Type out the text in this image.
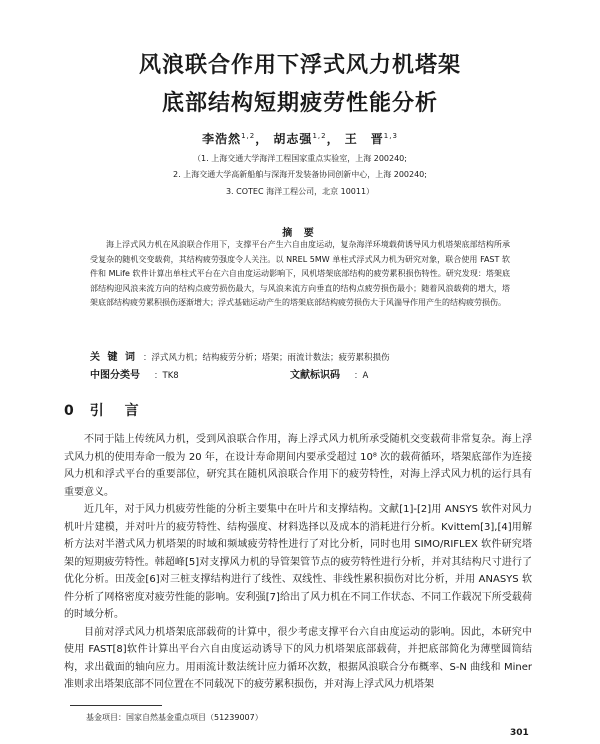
风浪联合作用下浮式风力机塔架
底部结构短期疲劳性能分析
李浩然$^{1,2}$， 胡志强$^{1,2}$， 王　晋$^{1,3}$
（1. 上海交通大学海洋工程国家重点实验室，上海 200240;
2. 上海交通大学高新船舶与深海开发装备协同创新中心，上海 200240;
3. COTEC 海洋工程公司，北京 10011）
摘 要
海上浮式风力机在风浪联合作用下，支撑平台产生六自由度运动，复杂海洋环境载荷诱导风力机塔架底部结构所承受复杂的随机交变载荷，其结构疲劳强度令人关注。以 NREL 5MW 单柱式浮式风力机为研究对象，联合使用 FAST 软件和 MLife 软件计算出单柱式平台在六自由度运动影响下，风机塔架底部结构的疲劳累积损伤特性。研究发现：塔架底部结构迎风浪来流方向的结构点疲劳损伤最大，与风浪来流方向垂直的结构点疲劳损伤最小；随着风浪载荷的增大，塔架底部结构疲劳累积损伤逐渐增大；浮式基础运动产生的塔架底部结构疲劳损伤大于风湍导作用产生的结构疲劳损伤。
关 键 词 ：浮式风力机；结构疲劳分析；塔架；雨流计数法；疲劳累积损伤
中图分类号 ：TK8	文献标识码 ：A
0 引 言

不同于陆上传统风力机，受到风浪联合作用，海上浮式风力机所承受随机交变载荷非常复杂。海上浮式风力机的使用寿命一般为 20 年，在设计寿命期间内要承受超过 10⁸ 次的载荷循环，塔架底部作为连接风力机和浮式平台的重要部位，研究其在随机风浪联合作用下的疲劳特性，对海上浮式风力机的运行具有重要意义。

近几年，对于风力机疲劳性能的分析主要集中在叶片和支撑结构。文献[1]-[2]用 ANSYS 软件对风力机叶片建模，并对叶片的疲劳特性、结构强度、材料选择以及成本的消耗进行分析。Kvittem[3],[4]用解析方法对半潜式风力机塔架的时域和频域疲劳特性进行了对比分析，同时也用 SIMO/RIFLEX 软件研究塔架的短期疲劳特性。韩超峰[5]对支撑风力机的导管架管节点的疲劳特性进行分析，并对其结构尺寸进行了优化分析。田茂金[6]对三桩支撑结构进行了线性、双线性、非线性累积损伤对比分析，并用 ANASYS 软件分析了网格密度对疲劳性能的影响。安利强[7]给出了风力机在不同工作状态、不同工作载况下所受载荷的时域分析。

目前对浮式风力机塔架底部载荷的计算中，很少考虑支撑平台六自由度运动的影响。因此，本研究中使用 FAST[8]软件计算出平台六自由度运动诱导下的风力机塔架底部载荷，并把底部简化为薄壁圆筒结构，求出截面的轴向应力。用雨流计数法统计应力循环次数，根据风浪联合分布概率、S-N 曲线和 Miner 准则求出塔架底部不同位置在不同载况下的疲劳累积损伤，并对海上浮式风力机塔架

基金项目：国家自然基金重点项目（51239007）
301
